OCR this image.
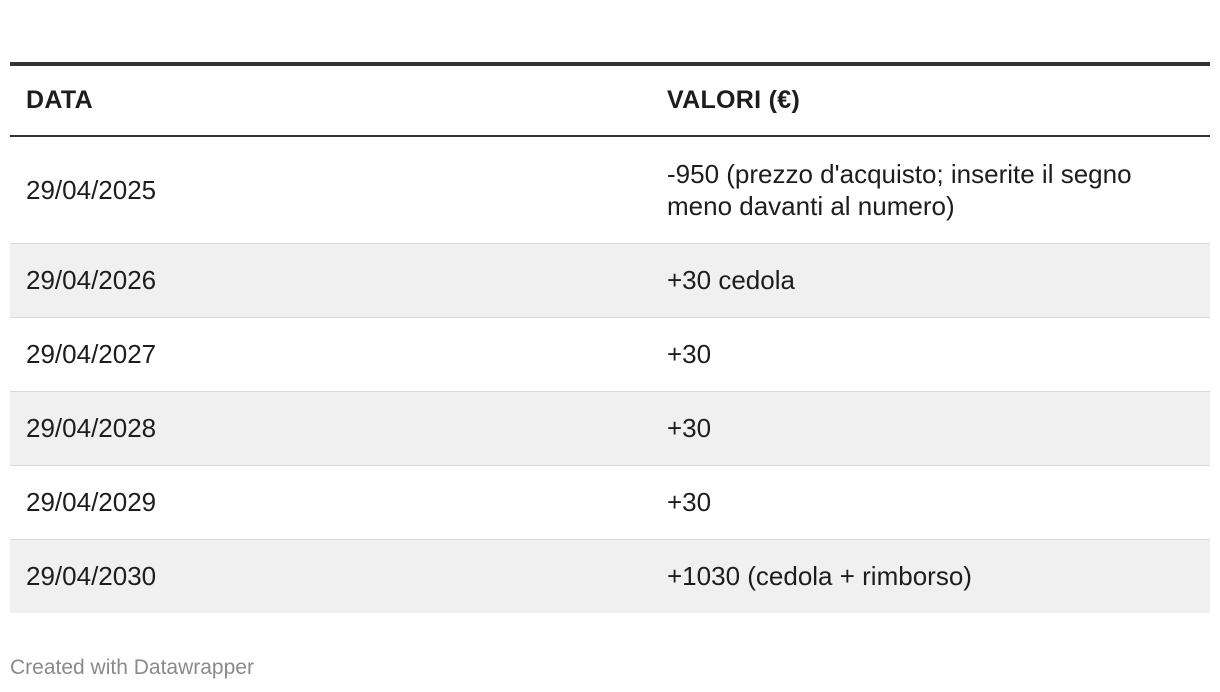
DATA	VALORI (€)
29/04/2025	-950 (prezzo d'acquisto; inserite il segno meno davanti al numero)
29/04/2026	+30 cedola
29/04/2027	+30
29/04/2028	+30
29/04/2029	+30
29/04/2030	+1030 (cedola + rimborso)
Created with Datawrapper
